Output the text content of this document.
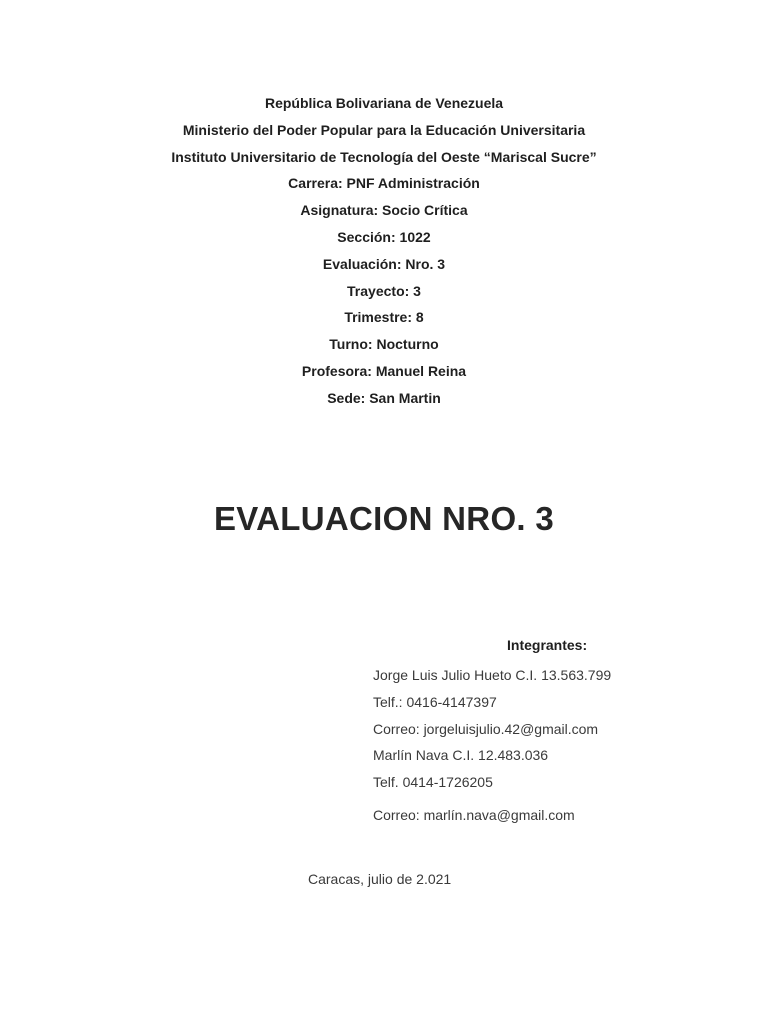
República Bolivariana de Venezuela
Ministerio del Poder Popular para la Educación Universitaria
Instituto Universitario de Tecnología del Oeste “Mariscal Sucre”
Carrera: PNF Administración
Asignatura: Socio Crítica
Sección: 1022
Evaluación: Nro. 3
Trayecto: 3
Trimestre: 8
Turno: Nocturno
Profesora: Manuel Reina
Sede: San Martin
EVALUACION NRO. 3
Integrantes:
Jorge Luis Julio Hueto C.I. 13.563.799
Telf.: 0416-4147397
Correo: jorgeluisjulio.42@gmail.com
Marlín Nava C.I. 12.483.036
Telf. 0414-1726205
Correo: marlín.nava@gmail.com
Caracas, julio de 2.021
